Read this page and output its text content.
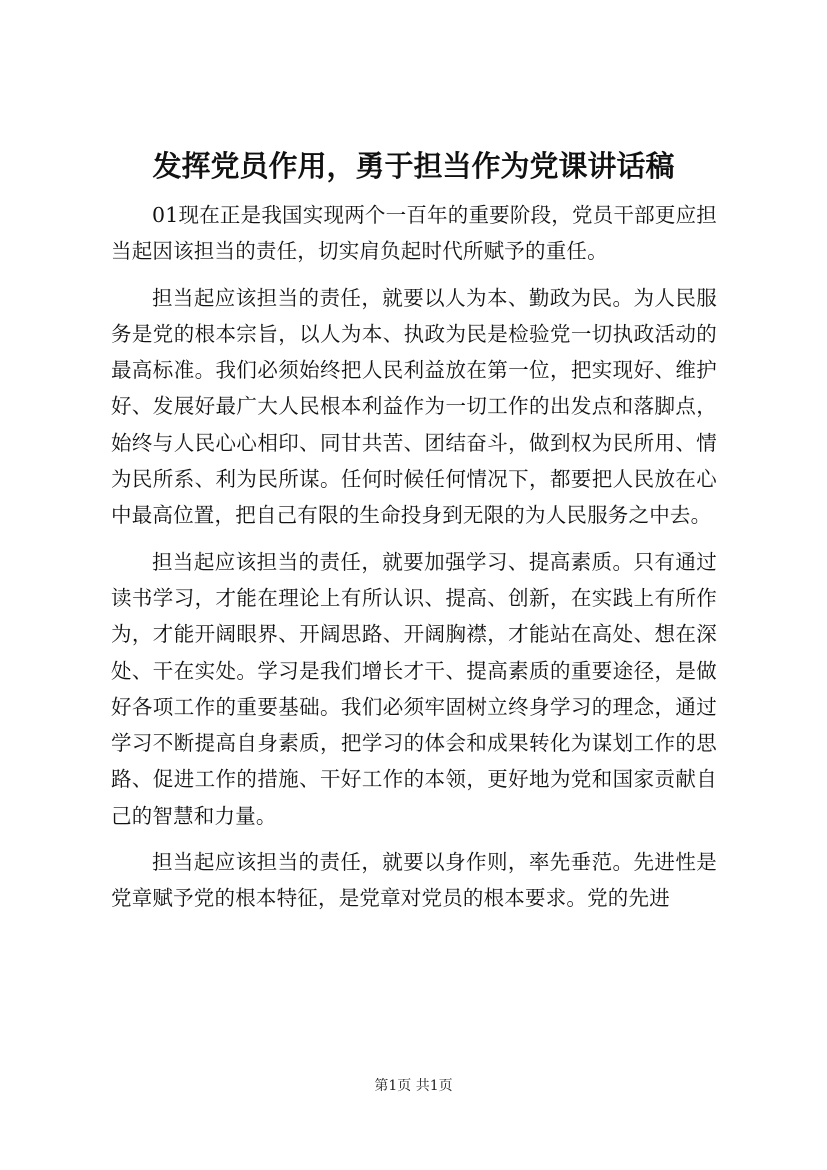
发挥党员作用，勇于担当作为党课讲话稿

01现在正是我国实现两个一百年的重要阶段，党员干部更应担当起因该担当的责任，切实肩负起时代所赋予的重任。

担当起应该担当的责任，就要以人为本、勤政为民。为人民服务是党的根本宗旨，以人为本、执政为民是检验党一切执政活动的最高标准。我们必须始终把人民利益放在第一位，把实现好、维护好、发展好最广大人民根本利益作为一切工作的出发点和落脚点，始终与人民心心相印、同甘共苦、团结奋斗，做到权为民所用、情为民所系、利为民所谋。任何时候任何情况下，都要把人民放在心中最高位置，把自己有限的生命投身到无限的为人民服务之中去。

担当起应该担当的责任，就要加强学习、提高素质。只有通过读书学习，才能在理论上有所认识、提高、创新，在实践上有所作为，才能开阔眼界、开阔思路、开阔胸襟，才能站在高处、想在深处、干在实处。学习是我们增长才干、提高素质的重要途径，是做好各项工作的重要基础。我们必须牢固树立终身学习的理念，通过学习不断提高自身素质，把学习的体会和成果转化为谋划工作的思路、促进工作的措施、干好工作的本领，更好地为党和国家贡献自己的智慧和力量。

担当起应该担当的责任，就要以身作则，率先垂范。先进性是党章赋予党的根本特征，是党章对党员的根本要求。党的先进

第1页 共1页
